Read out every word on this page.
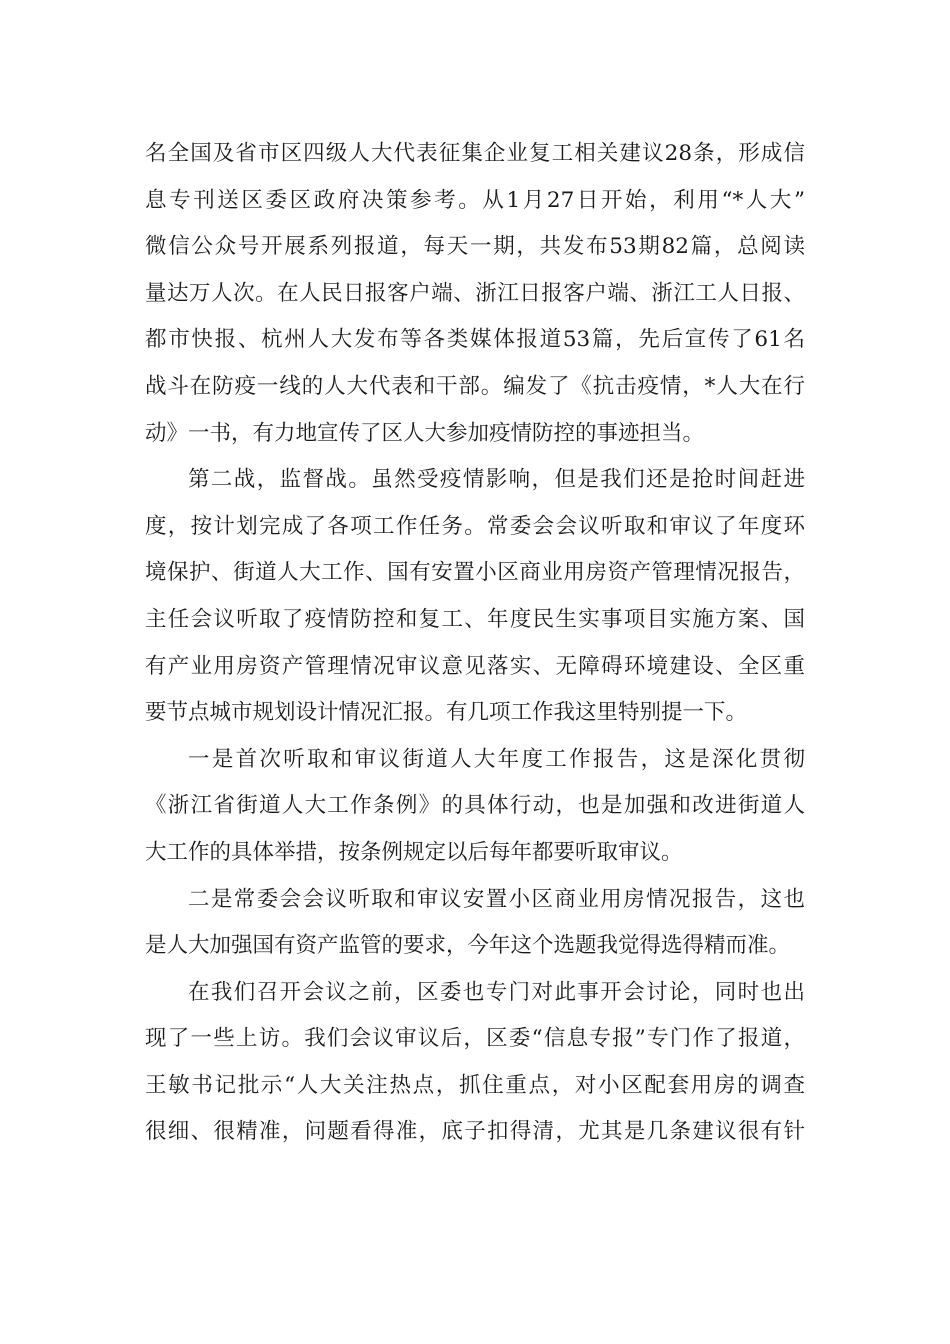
名全国及省市区四级人大代表征集企业复工相关建议28条，形成信
息专刊送区委区政府决策参考。从1月27日开始，利用“*人大”
微信公众号开展系列报道，每天一期，共发布53期82篇，总阅读
量达万人次。在人民日报客户端、浙江日报客户端、浙江工人日报、
都市快报、杭州人大发布等各类媒体报道53篇，先后宣传了61名
战斗在防疫一线的人大代表和干部。编发了《抗击疫情，*人大在行
动》一书，有力地宣传了区人大参加疫情防控的事迹担当。
第二战，监督战。虽然受疫情影响，但是我们还是抢时间赶进
度，按计划完成了各项工作任务。常委会会议听取和审议了年度环
境保护、街道人大工作、国有安置小区商业用房资产管理情况报告，
主任会议听取了疫情防控和复工、年度民生实事项目实施方案、国
有产业用房资产管理情况审议意见落实、无障碍环境建设、全区重
要节点城市规划设计情况汇报。有几项工作我这里特别提一下。
一是首次听取和审议街道人大年度工作报告，这是深化贯彻
《浙江省街道人大工作条例》的具体行动，也是加强和改进街道人
大工作的具体举措，按条例规定以后每年都要听取审议。
二是常委会会议听取和审议安置小区商业用房情况报告，这也
是人大加强国有资产监管的要求，今年这个选题我觉得选得精而准。
在我们召开会议之前，区委也专门对此事开会讨论，同时也出
现了一些上访。我们会议审议后，区委“信息专报”专门作了报道，
王敏书记批示“人大关注热点，抓住重点，对小区配套用房的调查
很细、很精准，问题看得准，底子扣得清，尤其是几条建议很有针
